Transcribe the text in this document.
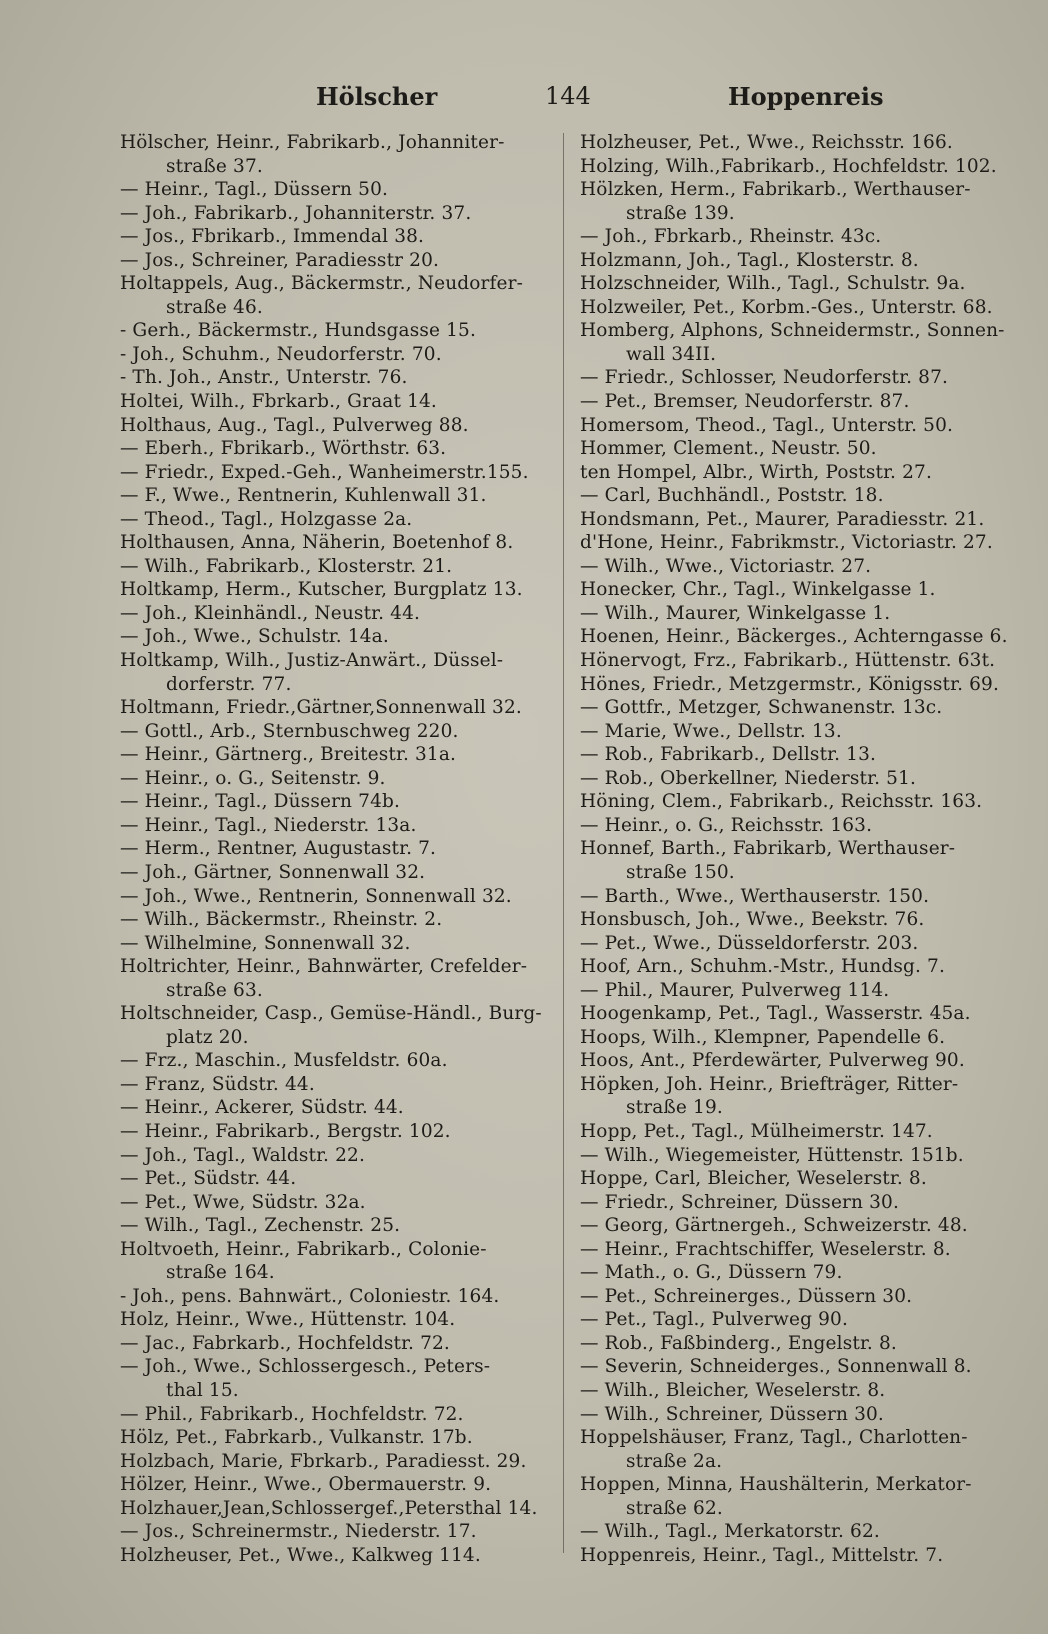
Hölscher	144	Hoppenreis
Hölscher, Heinr., Fabrikarb., Johanniter-
straße 37.
— Heinr., Tagl., Düssern 50.
— Joh., Fabrikarb., Johanniterstr. 37.
— Jos., Fbrikarb., Immendal 38.
— Jos., Schreiner, Paradiesstr 20.
Holtappels, Aug., Bäckermstr., Neudorfer-
straße 46.
- Gerh., Bäckermstr., Hundsgasse 15.
- Joh., Schuhm., Neudorferstr. 70.
- Th. Joh., Anstr., Unterstr. 76.
Holtei, Wilh., Fbrkarb., Graat 14.
Holthaus, Aug., Tagl., Pulverweg 88.
— Eberh., Fbrikarb., Wörthstr. 63.
— Friedr., Exped.-Geh., Wanheimerstr.155.
— F., Wwe., Rentnerin, Kuhlenwall 31.
— Theod., Tagl., Holzgasse 2a.
Holthausen, Anna, Näherin, Boetenhof 8.
— Wilh., Fabrikarb., Klosterstr. 21.
Holtkamp, Herm., Kutscher, Burgplatz 13.
— Joh., Kleinhändl., Neustr. 44.
— Joh., Wwe., Schulstr. 14a.
Holtkamp, Wilh., Justiz-Anwärt., Düssel-
dorferstr. 77.
Holtmann, Friedr.,Gärtner,Sonnenwall 32.
— Gottl., Arb., Sternbuschweg 220.
— Heinr., Gärtnerg., Breitestr. 31a.
— Heinr., o. G., Seitenstr. 9.
— Heinr., Tagl., Düssern 74b.
— Heinr., Tagl., Niederstr. 13a.
— Herm., Rentner, Augustastr. 7.
— Joh., Gärtner, Sonnenwall 32.
— Joh., Wwe., Rentnerin, Sonnenwall 32.
— Wilh., Bäckermstr., Rheinstr. 2.
— Wilhelmine, Sonnenwall 32.
Holtrichter, Heinr., Bahnwärter, Crefelder-
straße 63.
Holtschneider, Casp., Gemüse-Händl., Burg-
platz 20.
— Frz., Maschin., Musfeldstr. 60a.
— Franz, Südstr. 44.
— Heinr., Ackerer, Südstr. 44.
— Heinr., Fabrikarb., Bergstr. 102.
— Joh., Tagl., Waldstr. 22.
— Pet., Südstr. 44.
— Pet., Wwe, Südstr. 32a.
— Wilh., Tagl., Zechenstr. 25.
Holtvoeth, Heinr., Fabrikarb., Colonie-
straße 164.
- Joh., pens. Bahnwärt., Coloniestr. 164.
Holz, Heinr., Wwe., Hüttenstr. 104.
— Jac., Fabrkarb., Hochfeldstr. 72.
— Joh., Wwe., Schlossergesch., Peters-
thal 15.
— Phil., Fabrikarb., Hochfeldstr. 72.
Hölz, Pet., Fabrkarb., Vulkanstr. 17b.
Holzbach, Marie, Fbrkarb., Paradiesst. 29.
Hölzer, Heinr., Wwe., Obermauerstr. 9.
Holzhauer,Jean,Schlossergef.,Petersthal 14.
— Jos., Schreinermstr., Niederstr. 17.
Holzheuser, Pet., Wwe., Kalkweg 114.
Holzheuser, Pet., Wwe., Reichsstr. 166.
Holzing, Wilh.,Fabrikarb., Hochfeldstr. 102.
Hölzken, Herm., Fabrikarb., Werthauser-
straße 139.
— Joh., Fbrkarb., Rheinstr. 43c.
Holzmann, Joh., Tagl., Klosterstr. 8.
Holzschneider, Wilh., Tagl., Schulstr. 9a.
Holzweiler, Pet., Korbm.-Ges., Unterstr. 68.
Homberg, Alphons, Schneidermstr., Sonnen-
wall 34II.
— Friedr., Schlosser, Neudorferstr. 87.
— Pet., Bremser, Neudorferstr. 87.
Homersom, Theod., Tagl., Unterstr. 50.
Hommer, Clement., Neustr. 50.
ten Hompel, Albr., Wirth, Poststr. 27.
— Carl, Buchhändl., Poststr. 18.
Hondsmann, Pet., Maurer, Paradiesstr. 21.
d'Hone, Heinr., Fabrikmstr., Victoriastr. 27.
— Wilh., Wwe., Victoriastr. 27.
Honecker, Chr., Tagl., Winkelgasse 1.
— Wilh., Maurer, Winkelgasse 1.
Hoenen, Heinr., Bäckerges., Achterngasse 6.
Hönervogt, Frz., Fabrikarb., Hüttenstr. 63t.
Hönes, Friedr., Metzgermstr., Königsstr. 69.
— Gottfr., Metzger, Schwanenstr. 13c.
— Marie, Wwe., Dellstr. 13.
— Rob., Fabrikarb., Dellstr. 13.
— Rob., Oberkellner, Niederstr. 51.
Höning, Clem., Fabrikarb., Reichsstr. 163.
— Heinr., o. G., Reichsstr. 163.
Honnef, Barth., Fabrikarb, Werthauser-
straße 150.
— Barth., Wwe., Werthauserstr. 150.
Honsbusch, Joh., Wwe., Beekstr. 76.
— Pet., Wwe., Düsseldorferstr. 203.
Hoof, Arn., Schuhm.-Mstr., Hundsg. 7.
— Phil., Maurer, Pulverweg 114.
Hoogenkamp, Pet., Tagl., Wasserstr. 45a.
Hoops, Wilh., Klempner, Papendelle 6.
Hoos, Ant., Pferdewärter, Pulverweg 90.
Höpken, Joh. Heinr., Briefträger, Ritter-
straße 19.
Hopp, Pet., Tagl., Mülheimerstr. 147.
— Wilh., Wiegemeister, Hüttenstr. 151b.
Hoppe, Carl, Bleicher, Weselerstr. 8.
— Friedr., Schreiner, Düssern 30.
— Georg, Gärtnergeh., Schweizerstr. 48.
— Heinr., Frachtschiffer, Weselerstr. 8.
— Math., o. G., Düssern 79.
— Pet., Schreinerges., Düssern 30.
— Pet., Tagl., Pulverweg 90.
— Rob., Faßbinderg., Engelstr. 8.
— Severin, Schneiderges., Sonnenwall 8.
— Wilh., Bleicher, Weselerstr. 8.
— Wilh., Schreiner, Düssern 30.
Hoppelshäuser, Franz, Tagl., Charlotten-
straße 2a.
Hoppen, Minna, Haushälterin, Merkator-
straße 62.
— Wilh., Tagl., Merkatorstr. 62.
Hoppenreis, Heinr., Tagl., Mittelstr. 7.
